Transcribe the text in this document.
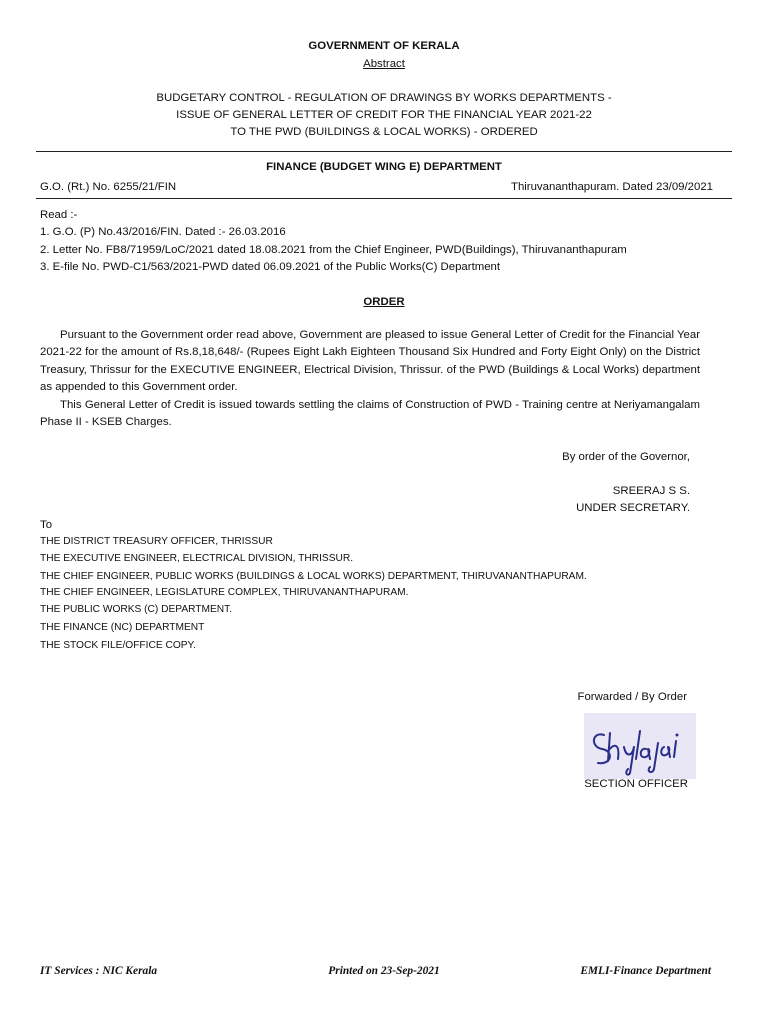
GOVERNMENT OF KERALA
Abstract
BUDGETARY CONTROL - REGULATION OF DRAWINGS BY WORKS DEPARTMENTS -
ISSUE OF GENERAL LETTER OF CREDIT FOR THE FINANCIAL YEAR 2021-22
TO THE PWD (BUILDINGS & LOCAL WORKS) - ORDERED
FINANCE (BUDGET WING E) DEPARTMENT
G.O. (Rt.) No. 6255/21/FIN	Thiruvananthapuram. Dated 23/09/2021
Read :-
1. G.O. (P) No.43/2016/FIN. Dated :- 26.03.2016
2. Letter No. FB8/71959/LoC/2021 dated 18.08.2021 from the Chief Engineer, PWD(Buildings), Thiruvananthapuram
3. E-file No. PWD-C1/563/2021-PWD dated 06.09.2021 of the Public Works(C) Department
ORDER
Pursuant to the Government order read above, Government are pleased to issue General Letter of Credit for the Financial Year 2021-22 for the amount of Rs.8,18,648/- (Rupees Eight Lakh Eighteen Thousand Six Hundred and Forty Eight Only) on the District Treasury, Thrissur for the EXECUTIVE ENGINEER, Electrical Division, Thrissur. of the PWD (Buildings & Local Works) department as appended to this Government order.
This General Letter of Credit is issued towards settling the claims of Construction of PWD - Training centre at Neriyamangalam Phase II - KSEB Charges.
By order of the Governor,
SREERAJ S S.
UNDER SECRETARY.
To
THE DISTRICT TREASURY OFFICER, THRISSUR
THE EXECUTIVE ENGINEER, ELECTRICAL DIVISION, THRISSUR.
THE CHIEF ENGINEER, PUBLIC WORKS (BUILDINGS & LOCAL WORKS) DEPARTMENT, THIRUVANANTHAPURAM.
THE CHIEF ENGINEER, LEGISLATURE COMPLEX, THIRUVANANTHAPURAM.
THE PUBLIC WORKS (C) DEPARTMENT.
THE FINANCE (NC) DEPARTMENT
THE STOCK FILE/OFFICE COPY.
Forwarded / By Order
SECTION OFFICER
IT Services : NIC Kerala	Printed on 23-Sep-2021	EMLI-Finance Department
